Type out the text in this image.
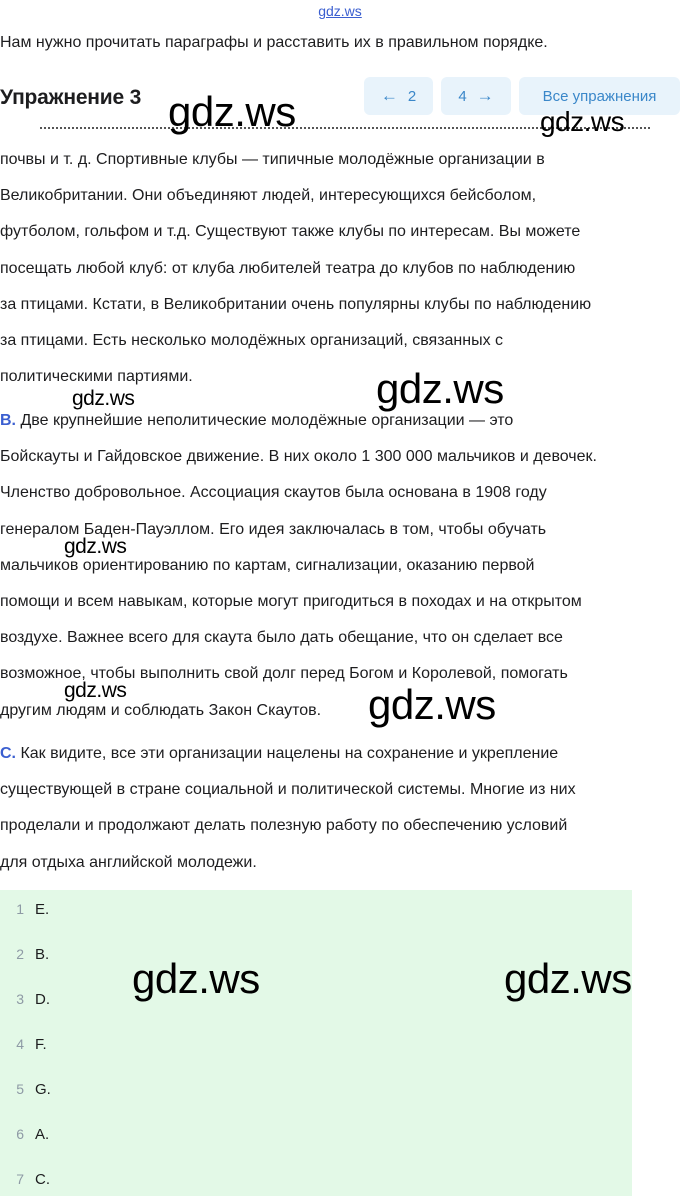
gdz.ws
Нам нужно прочитать параграфы и расставить их в правильном порядке.
Упражнение 3	← 2	4 →	Все упражнения

почвы и т. д. Спортивные клубы — типичные молодёжные организации в

Великобритании. Они объединяют людей, интересующихся бейсболом,

футболом, гольфом и т.д. Существуют также клубы по интересам. Вы можете

посещать любой клуб: от клуба любителей театра до клубов по наблюдению

за птицами. Кстати, в Великобритании очень популярны клубы по наблюдению

за птицами. Есть несколько молодёжных организаций, связанных с

политическими партиями.

B. Две крупнейшие неполитические молодёжные организации — это

Бойскауты и Гайдовское движение. В них около 1 300 000 мальчиков и девочек.

Членство добровольное. Ассоциация скаутов была основана в 1908 году

генералом Баден-Пауэллом. Его идея заключалась в том, чтобы обучать

мальчиков ориентированию по картам, сигнализации, оказанию первой

помощи и всем навыкам, которые могут пригодиться в походах и на открытом

воздухе. Важнее всего для скаута было дать обещание, что он сделает все

возможное, чтобы выполнить свой долг перед Богом и Королевой, помогать

другим людям и соблюдать Закон Скаутов.

C. Как видите, все эти организации нацелены на сохранение и укрепление

существующей в стране социальной и политической системы. Многие из них

проделали и продолжают делать полезную работу по обеспечению условий

для отдыха английской молодежи.

1 E.
2 B.
3 D.
4 F.
5 G.
6 A.
7 C.
gdz.ws	gdz.ws
gdz.ws
gdz.ws
gdz.ws
gdz.ws	gdz.ws
gdz.ws	gdz.ws
